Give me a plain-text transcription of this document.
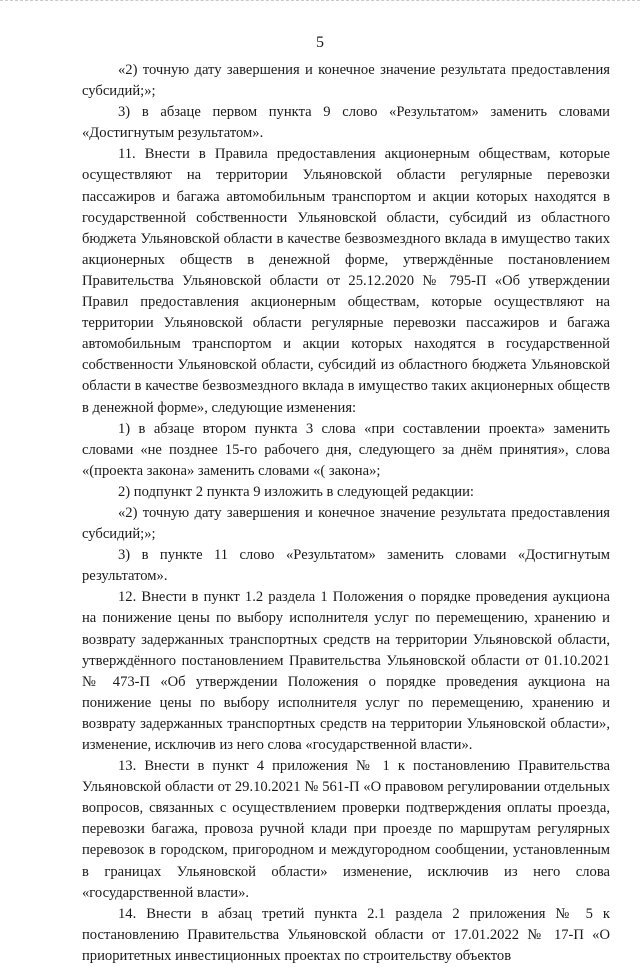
5

«2) точную дату завершения и конечное значение результата предоставления субсидий;»;

3) в абзаце первом пункта 9 слово «Результатом» заменить словами «Достигнутым результатом».

11. Внести в Правила предоставления акционерным обществам, которые осуществляют на территории Ульяновской области регулярные перевозки пассажиров и багажа автомобильным транспортом и акции которых находятся в государственной собственности Ульяновской области, субсидий из областного бюджета Ульяновской области в качестве безвозмездного вклада в имущество таких акционерных обществ в денежной форме, утверждённые постановлением Правительства Ульяновской области от 25.12.2020 № 795-П «Об утверждении Правил предоставления акционерным обществам, которые осуществляют на территории Ульяновской области регулярные перевозки пассажиров и багажа автомобильным транспортом и акции которых находятся в государственной собственности Ульяновской области, субсидий из областного бюджета Ульяновской области в качестве безвозмездного вклада в имущество таких акционерных обществ в денежной форме», следующие изменения:

1) в абзаце втором пункта 3 слова «при составлении проекта» заменить словами «не позднее 15-го рабочего дня, следующего за днём принятия», слова «(проекта закона» заменить словами «( закона»;

2) подпункт 2 пункта 9 изложить в следующей редакции:

«2) точную дату завершения и конечное значение результата предоставления субсидий;»;

3) в пункте 11 слово «Результатом» заменить словами «Достигнутым результатом».

12. Внести в пункт 1.2 раздела 1 Положения о порядке проведения аукциона на понижение цены по выбору исполнителя услуг по перемещению, хранению и возврату задержанных транспортных средств на территории Ульяновской области, утверждённого постановлением Правительства Ульяновской области от 01.10.2021 № 473-П «Об утверждении Положения о порядке проведения аукциона на понижение цены по выбору исполнителя услуг по перемещению, хранению и возврату задержанных транспортных средств на территории Ульяновской области», изменение, исключив из него слова «государственной власти».

13. Внести в пункт 4 приложения № 1 к постановлению Правительства Ульяновской области от 29.10.2021 № 561-П «О правовом регулировании отдельных вопросов, связанных с осуществлением проверки подтверждения оплаты проезда, перевозки багажа, провоза ручной клади при проезде по маршрутам регулярных перевозок в городском, пригородном и междугородном сообщении, установленным в границах Ульяновской области» изменение, исключив из него слова «государственной власти».

14. Внести в абзац третий пункта 2.1 раздела 2 приложения № 5 к постановлению Правительства Ульяновской области от 17.01.2022 № 17-П «О приоритетных инвестиционных проектах по строительству объектов
